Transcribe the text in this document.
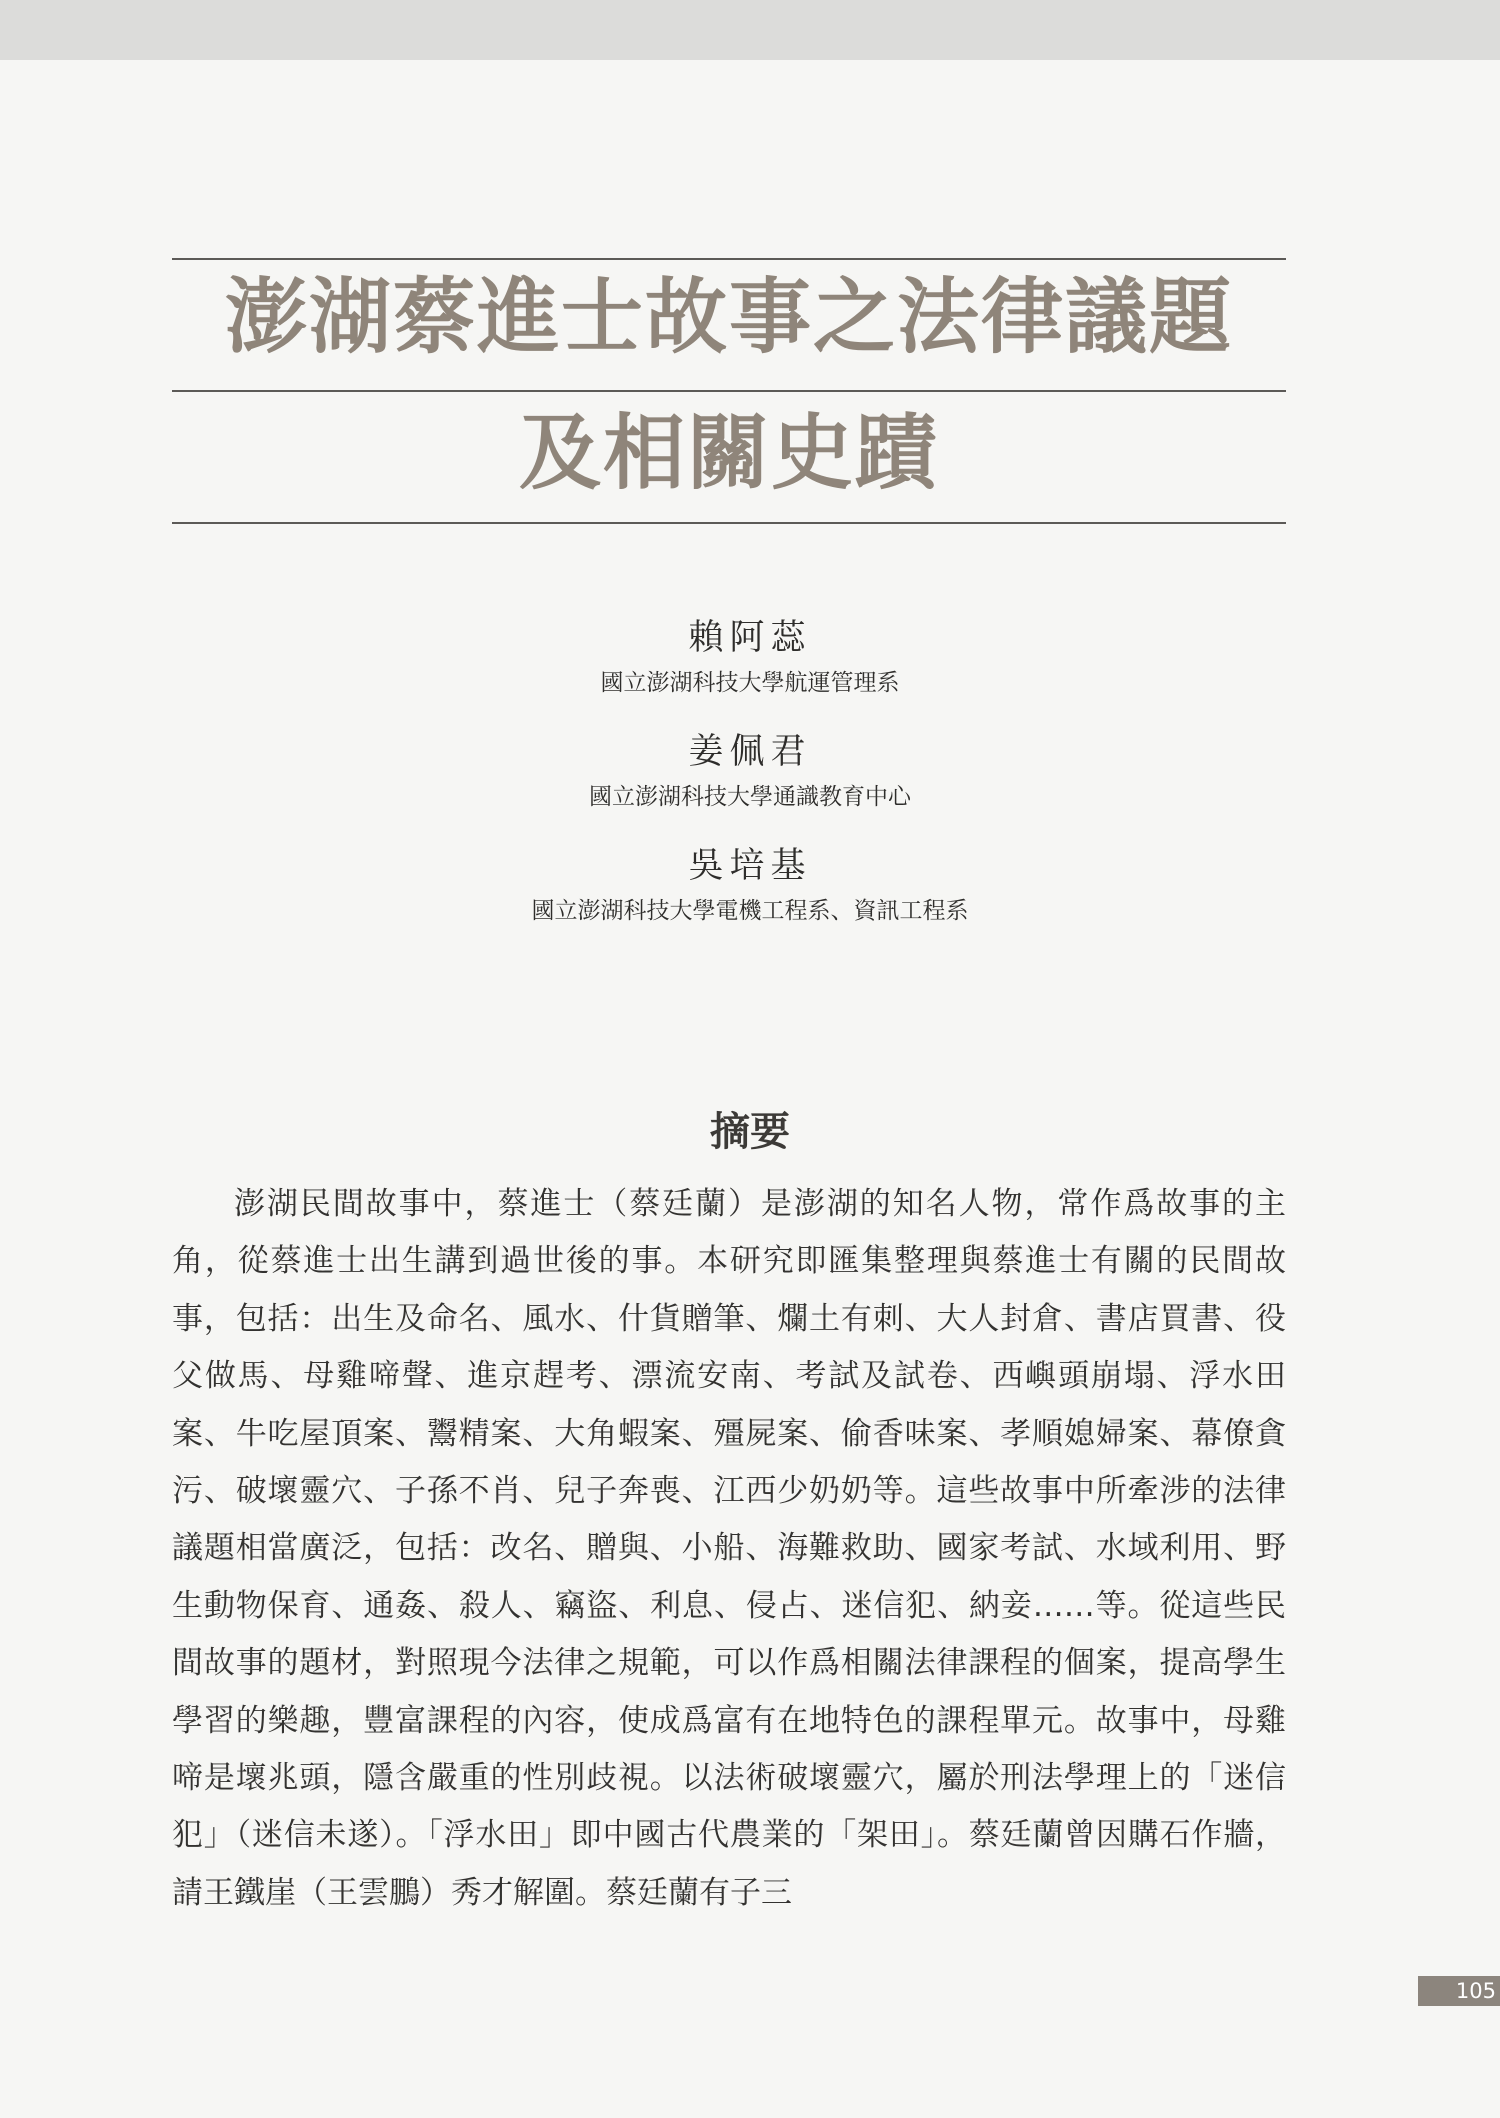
澎湖蔡進士故事之法律議題
及相關史蹟
賴阿蕊
國立澎湖科技大學航運管理系
姜佩君
國立澎湖科技大學通識教育中心
吳培基
國立澎湖科技大學電機工程系、資訊工程系
摘要

澎湖民間故事中，蔡進士（蔡廷蘭）是澎湖的知名人物，常作爲故事的主角，從蔡進士出生講到過世後的事。本研究即匯集整理與蔡進士有關的民間故事，包括：出生及命名、風水、什貨贈筆、爛土有刺、大人封倉、書店買書、役父做馬、母雞啼聲、進京趕考、漂流安南、考試及試卷、西嶼頭崩塌、浮水田案、牛吃屋頂案、鬻精案、大角蝦案、殭屍案、偷香味案、孝順媳婦案、幕僚貪污、破壞靈穴、子孫不肖、兒子奔喪、江西少奶奶等。這些故事中所牽涉的法律議題相當廣泛，包括：改名、贈與、小船、海難救助、國家考試、水域利用、野生動物保育、通姦、殺人、竊盜、利息、侵占、迷信犯、納妾……等。從這些民間故事的題材，對照現今法律之規範，可以作爲相關法律課程的個案，提高學生學習的樂趣，豐富課程的內容，使成爲富有在地特色的課程單元。故事中，母雞啼是壞兆頭，隱含嚴重的性別歧視。以法術破壞靈穴，屬於刑法學理上的「迷信犯」（迷信未遂）。「浮水田」即中國古代農業的「架田」。蔡廷蘭曾因購石作牆，請王鐵崖（王雲鵬）秀才解圍。蔡廷蘭有子三

105
